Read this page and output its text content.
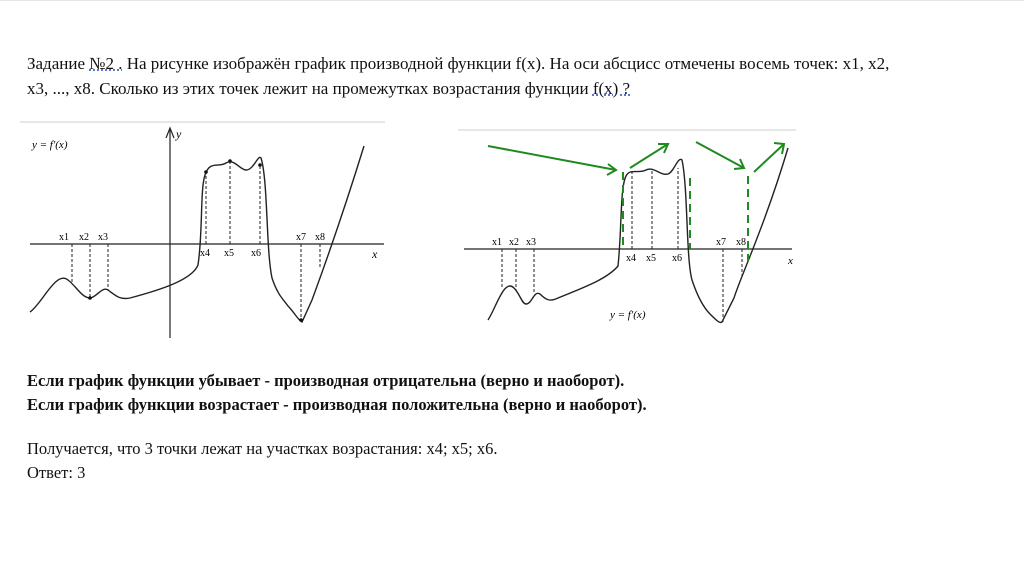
Задание №2 . На рисунке изображён график производной функции f(x). На оси абсцисс отмечены восемь точек: x1, x2,
x3, ..., x8. Сколько из этих точек лежит на промежутках возрастания функции f(x) ?
y = f′(x)
y
x
x1 x2 x3
x4 x5 x6
x7 x8
y = f′(x)
x
x1 x2 x3
x4 x5 x6
x7 x8
Если график функции убывает - производная отрицательна (верно и наоборот).
Если график функции возрастает - производная положительна (верно и наоборот).
Получается, что 3 точки лежат на участках возрастания: x4; x5; x6.
Ответ: 3
